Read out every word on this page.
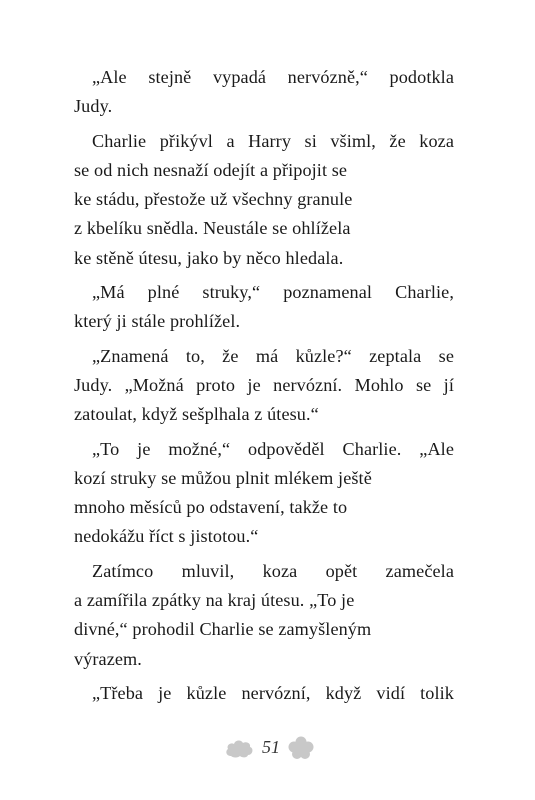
„Ale stejně vypadá nervózně,“ podotkla
Judy.
Charlie přikývl a Harry si všiml, že koza
se od nich nesnaží odejít a připojit se
ke stádu, přestože už všechny granule
z kbelíku snědla. Neustále se ohlížela
ke stěně útesu, jako by něco hledala.
„Má plné struky,“ poznamenal Charlie,
který ji stále prohlížel.
„Znamená to, že má kůzle?“ zeptala se
Judy. „Možná proto je nervózní. Mohlo se jí
zatoulat, když sešplhala z útesu.“
„To je možné,“ odpověděl Charlie. „Ale
kozí struky se můžou plnit mlékem ještě
mnoho měsíců po odstavení, takže to
nedokážu říct s jistotou.“
Zatímco mluvil, koza opět zamečela
a zamířila zpátky na kraj útesu. „To je
divné,“ prohodil Charlie se zamyšleným
výrazem.
„Třeba je kůzle nervózní, když vidí tolik
51
